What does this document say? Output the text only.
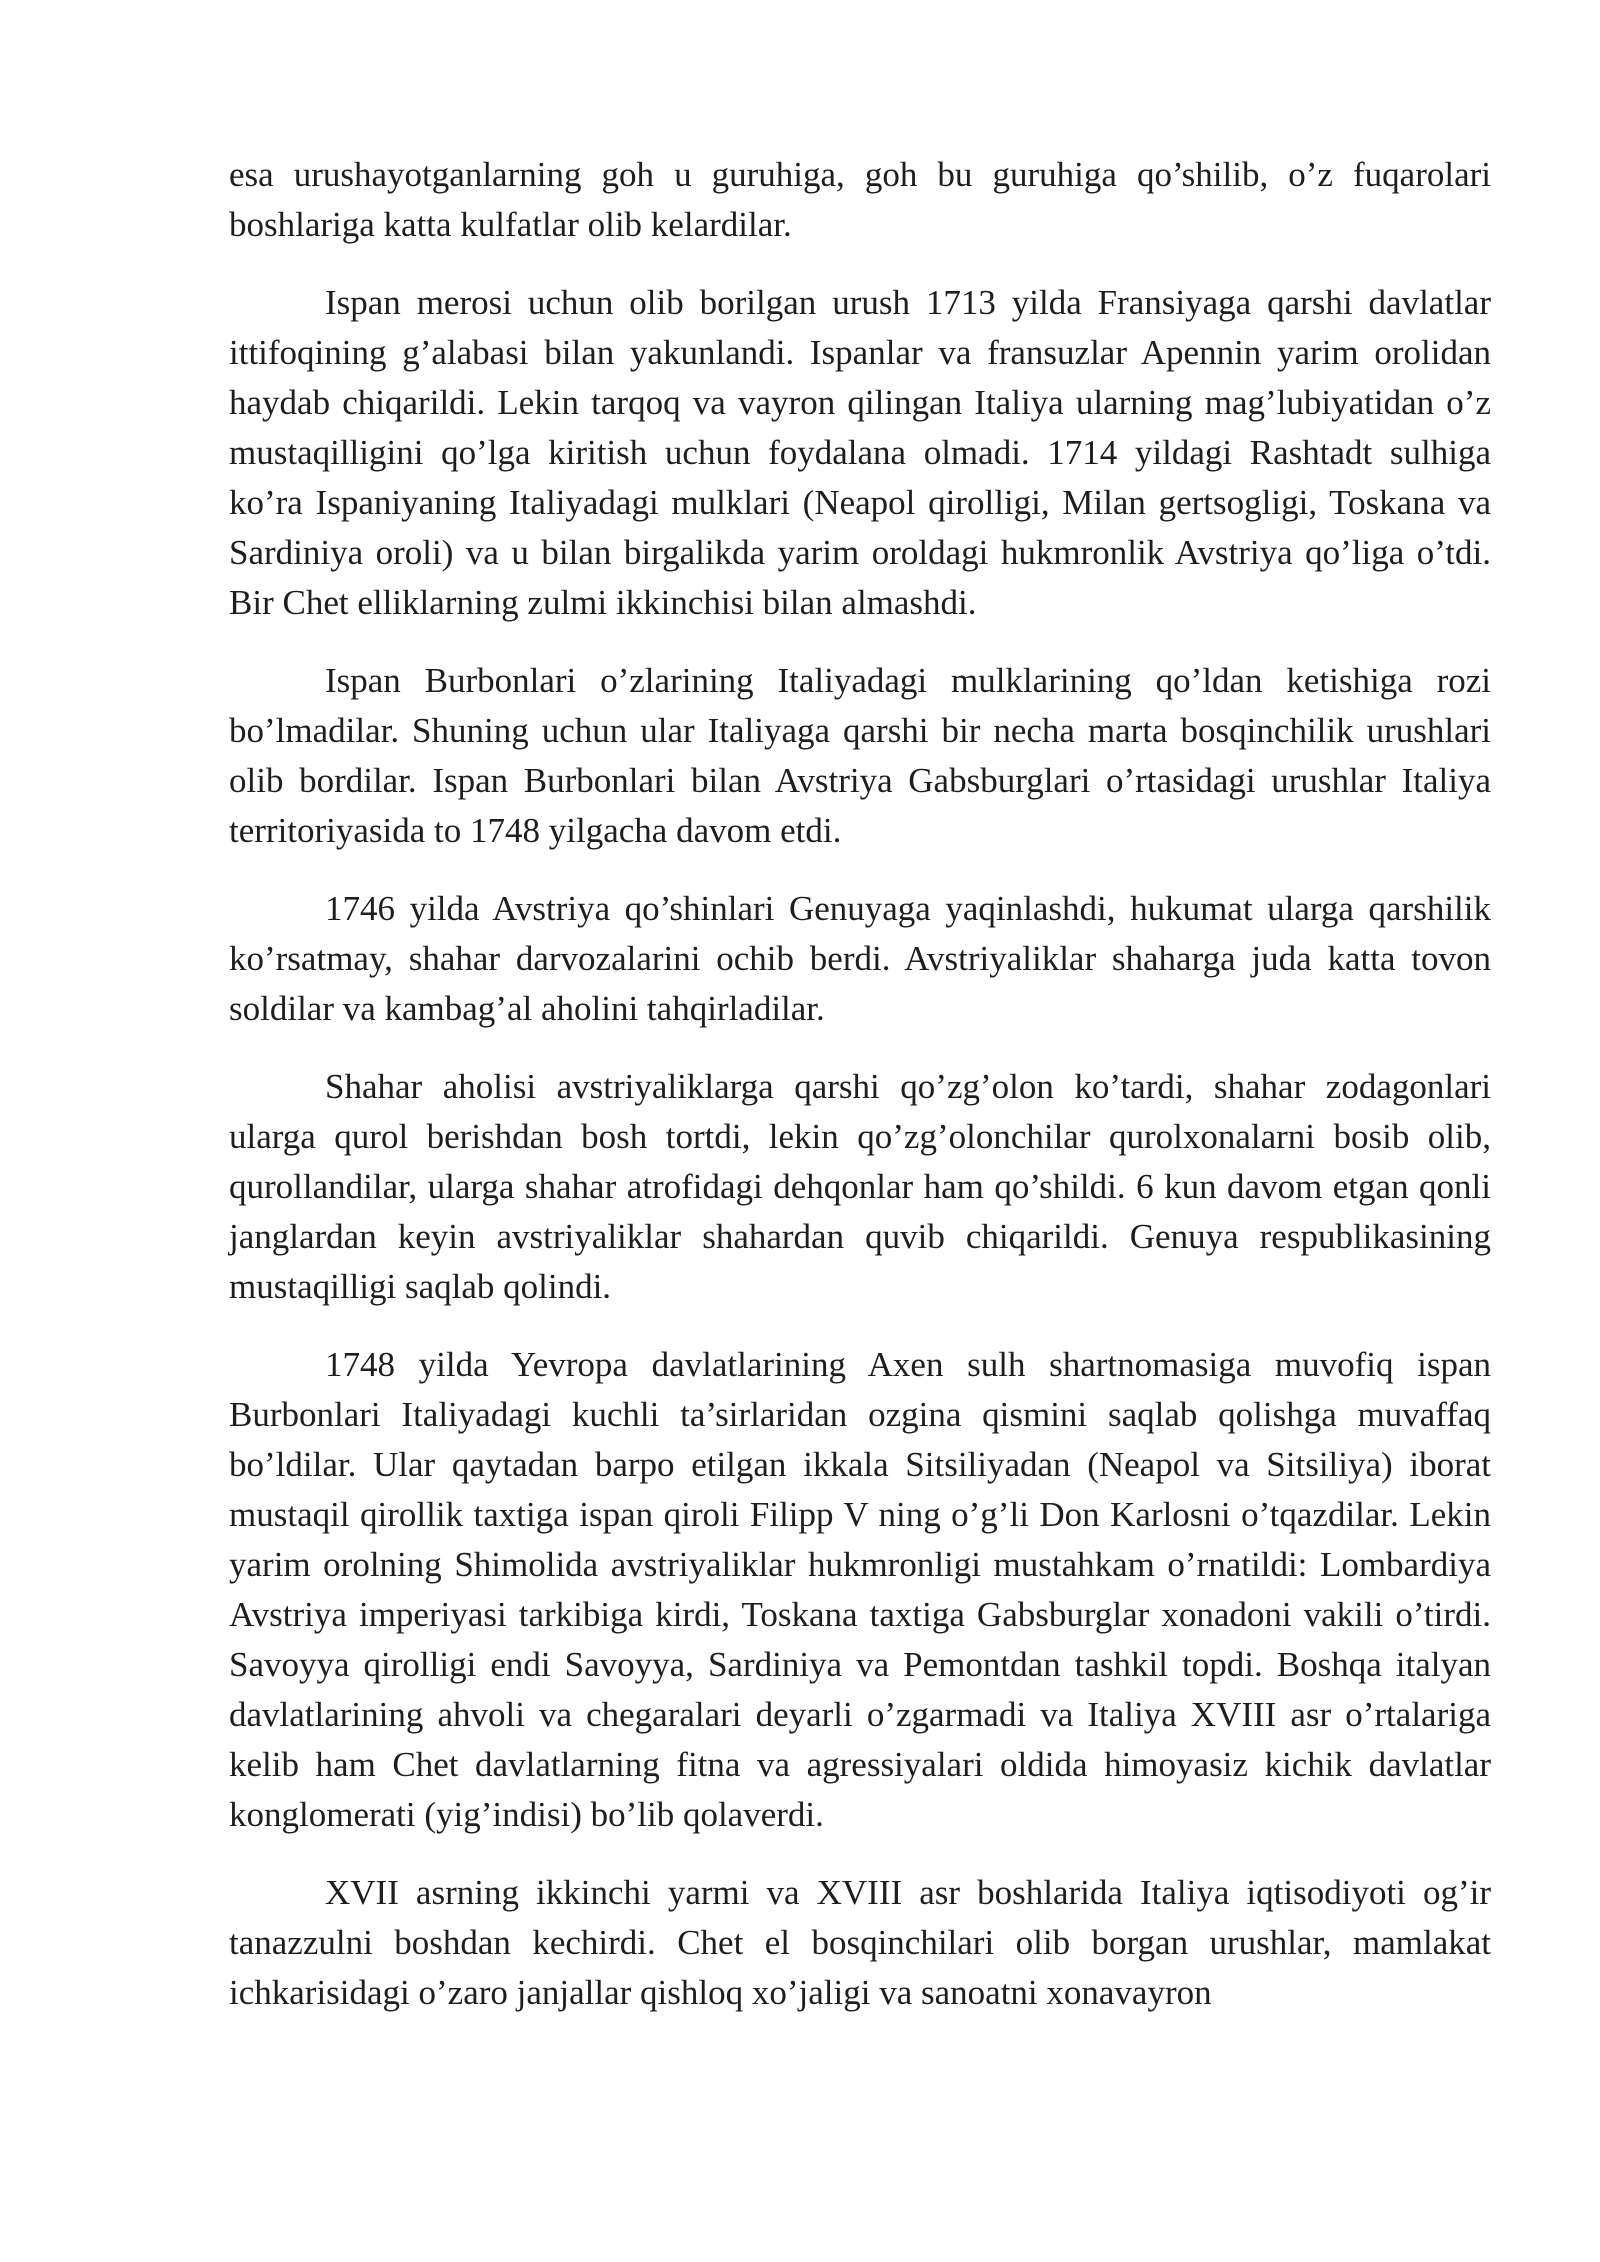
esa urushayotganlarning goh u guruhiga, goh bu guruhiga qo’shilib, o’z fuqarolari boshlariga katta kulfatlar olib kelardilar.

Ispan merosi uchun olib borilgan urush 1713 yilda Fransiyaga qarshi davlatlar ittifoqining g’alabasi bilan yakunlandi. Ispanlar va fransuzlar Apennin yarim orolidan haydab chiqarildi. Lekin tarqoq va vayron qilingan Italiya ularning mag’lubiyatidan o’z mustaqilligini qo’lga kiritish uchun foydalana olmadi. 1714 yildagi Rashtadt sulhiga ko’ra Ispaniyaning Italiyadagi mulklari (Neapol qirolligi, Milan gertsogligi, Toskana va Sardiniya oroli) va u bilan birgalikda yarim oroldagi hukmronlik Avstriya qo’liga o’tdi. Bir Chet elliklarning zulmi ikkinchisi bilan almashdi.

Ispan Burbonlari o’zlarining Italiyadagi mulklarining qo’ldan ketishiga rozi bo’lmadilar. Shuning uchun ular Italiyaga qarshi bir necha marta bosqinchilik urushlari olib bordilar. Ispan Burbonlari bilan Avstriya Gabsburglari o’rtasidagi urushlar Italiya territoriyasida to 1748 yilgacha davom etdi.

1746 yilda Avstriya qo’shinlari Genuyaga yaqinlashdi, hukumat ularga qarshilik ko’rsatmay, shahar darvozalarini ochib berdi. Avstriyaliklar shaharga juda katta tovon soldilar va kambag’al aholini tahqirladilar.

Shahar aholisi avstriyaliklarga qarshi qo’zg’olon ko’tardi, shahar zodagonlari ularga qurol berishdan bosh tortdi, lekin qo’zg’olonchilar qurolxonalarni bosib olib, qurollandilar, ularga shahar atrofidagi dehqonlar ham qo’shildi. 6 kun davom etgan qonli janglardan keyin avstriyaliklar shahardan quvib chiqarildi. Genuya respublikasining mustaqilligi saqlab qolindi.

1748 yilda Yevropa davlatlarining Axen sulh shartnomasiga muvofiq ispan Burbonlari Italiyadagi kuchli ta’sirlaridan ozgina qismini saqlab qolishga muvaffaq bo’ldilar. Ular qaytadan barpo etilgan ikkala Sitsiliyadan (Neapol va Sitsiliya) iborat mustaqil qirollik taxtiga ispan qiroli Filipp V ning o’g’li Don Karlosni o’tqazdilar. Lekin yarim orolning Shimolida avstriyaliklar hukmronligi mustahkam o’rnatildi: Lombardiya Avstriya imperiyasi tarkibiga kirdi, Toskana taxtiga Gabsburglar xonadoni vakili o’tirdi. Savoyya qirolligi endi Savoyya, Sardiniya va Pemontdan tashkil topdi. Boshqa italyan davlatlarining ahvoli va chegaralari deyarli o’zgarmadi va Italiya XVIII asr o’rtalariga kelib ham Chet davlatlarning fitna va agressiyalari oldida himoyasiz kichik davlatlar konglomerati (yig’indisi) bo’lib qolaverdi.

XVII asrning ikkinchi yarmi va XVIII asr boshlarida Italiya iqtisodiyoti og’ir tanazzulni boshdan kechirdi. Chet el bosqinchilari olib borgan urushlar, mamlakat ichkarisidagi o’zaro janjallar qishloq xo’jaligi va sanoatni xonavayron
